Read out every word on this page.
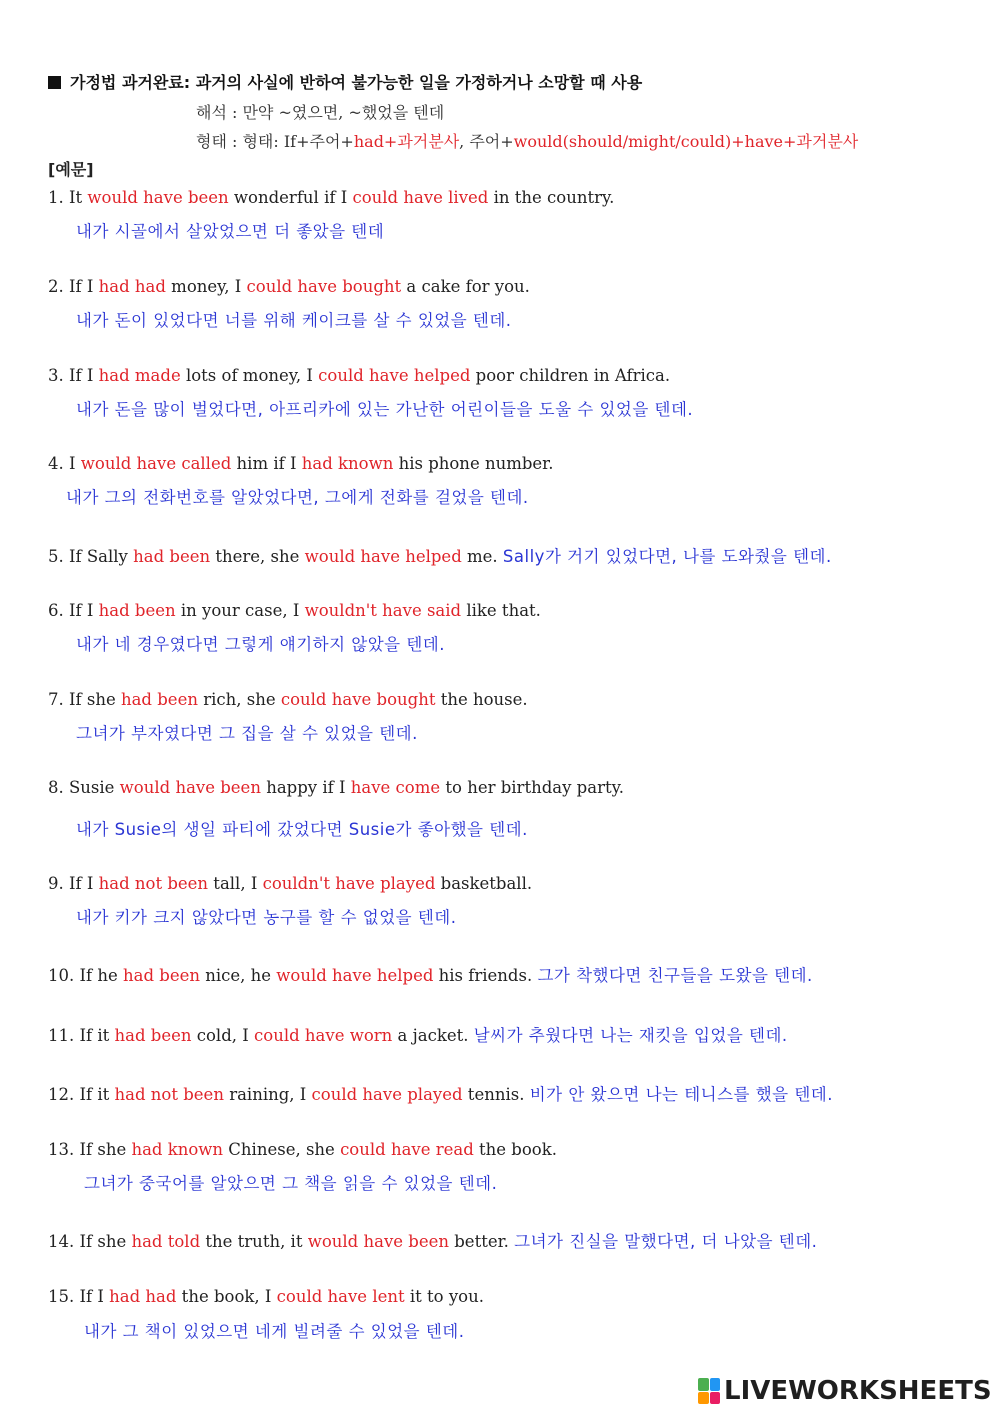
가정법 과거완료: 과거의 사실에 반하여 불가능한 일을 가정하거나 소망할 때 사용
해석 : 만약 ~였으면, ~했었을 텐데
형태 : 형태: If+주어+had+과거분사, 주어+would(should/might/could)+have+과거분사
[예문]
1. It would have been wonderful if I could have lived in the country.
내가 시골에서 살았었으면 더 좋았을 텐데
2. If I had had money, I could have bought a cake for you.
내가 돈이 있었다면 너를 위해 케이크를 살 수 있었을 텐데.
3. If I had made lots of money, I could have helped poor children in Africa.
내가 돈을 많이 벌었다면, 아프리카에 있는 가난한 어린이들을 도울 수 있었을 텐데.
4. I would have called him if I had known his phone number.
내가 그의 전화번호를 알았었다면, 그에게 전화를 걸었을 텐데.
5. If Sally had been there, she would have helped me. Sally가 거기 있었다면, 나를 도와줬을 텐데.
6. If I had been in your case, I wouldn't have said like that.
내가 네 경우였다면 그렇게 얘기하지 않았을 텐데.
7. If she had been rich, she could have bought the house.
그녀가 부자였다면 그 집을 살 수 있었을 텐데.
8. Susie would have been happy if I have come to her birthday party.
내가 Susie의 생일 파티에 갔었다면 Susie가 좋아했을 텐데.
9. If I had not been tall, I couldn't have played basketball.
내가 키가 크지 않았다면 농구를 할 수 없었을 텐데.
10. If he had been nice, he would have helped his friends. 그가 착했다면 친구들을 도왔을 텐데.
11. If it had been cold, I could have worn a jacket. 날씨가 추웠다면 나는 재킷을 입었을 텐데.
12. If it had not been raining, I could have played tennis. 비가 안 왔으면 나는 테니스를 했을 텐데.
13. If she had known Chinese, she could have read the book.
그녀가 중국어를 알았으면 그 책을 읽을 수 있었을 텐데.
14. If she had told the truth, it would have been better. 그녀가 진실을 말했다면, 더 나았을 텐데.
15. If I had had the book, I could have lent it to you.
내가 그 책이 있었으면 네게 빌려줄 수 있었을 텐데.
LIVEWORKSHEETS
